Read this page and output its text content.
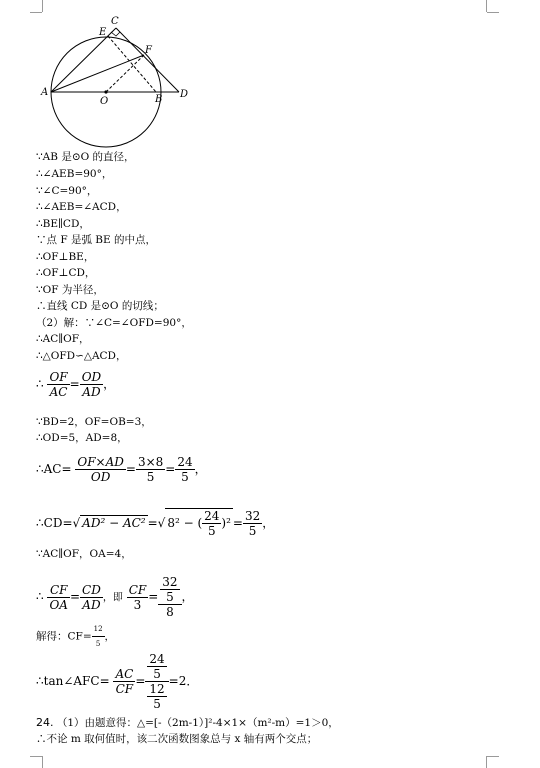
A
B
C
D
E
F
O
∵AB 是⊙O 的直径，
∴∠AEB=90°，
∵∠C=90°，
∴∠AEB=∠ACD，
∴BE∥CD，
∵点 F 是弧 BE 的中点，
∴OF⊥BE，
∴OF⊥CD，
∵OF 为半径，
∴直线 CD 是⊙O 的切线；
（2）解：∵∠C=∠OFD=90°，
∴AC∥OF，
∴△OFD∽△ACD，
∴ $\frac{OF}{AC} = \frac{OD}{AD}$ ，
∵BD=2，OF=OB=3，
∴OD=5，AD=8，
∴AC= $\frac{OF\times AD}{OD} = \frac{3\times 8}{5} = \frac{24}{5}$ ，
∴CD=√ AD² − AC² =√ 8² − ( $\frac{24}{5} )^2 = \frac{32}{5}$ ，
∵AC∥OF，OA=4，
∴ $\frac{CF}{OA} = \frac{CD}{AD}$ ，即 $\frac{CF}{3} = \frac{\frac{32}{5}}{8}$ ，
解得：$CF= \frac{12}{5}$ ，
∴tan∠AFC= $\frac{AC}{CF} = \frac{\frac{24}{5}}{\frac{12}{5}} =2$．
24. （1）由题意得：△=[-（2m-1）]²-4×1×（m²-m）=1＞0，
∴不论 m 取何值时，该二次函数图象总与 x 轴有两个交点；
